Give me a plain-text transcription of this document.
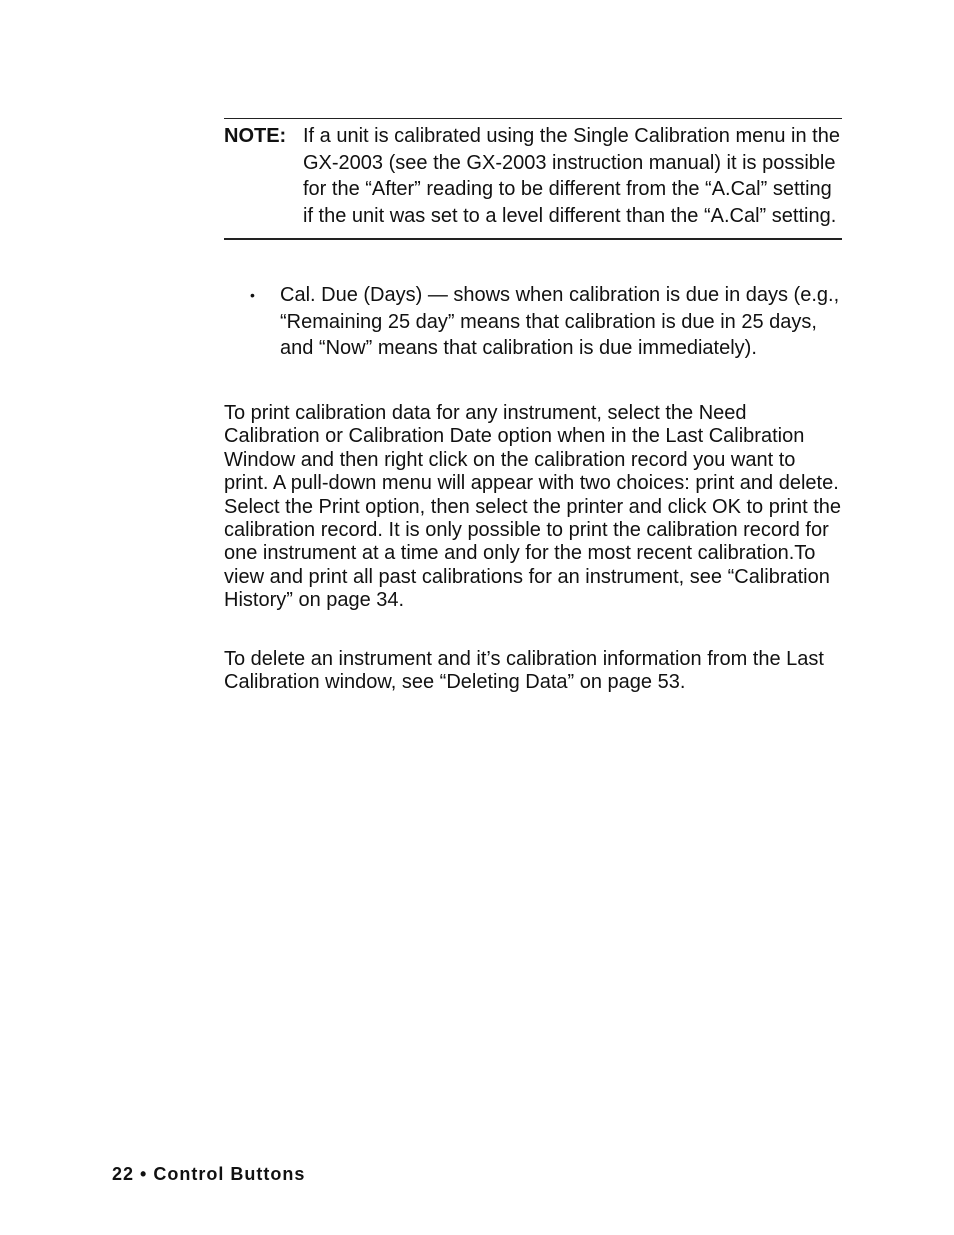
NOTE: If a unit is calibrated using the Single Calibration menu in the GX-2003 (see the GX-2003 instruction manual) it is possible for the “After” reading to be different from the “A.Cal” setting if the unit was set to a level different than the “A.Cal” setting.
•	Cal. Due (Days) — shows when calibration is due in days (e.g., “Remaining 25 day” means that calibration is due in 25 days, and “Now” means that calibration is due immediately).

To print calibration data for any instrument, select the Need Calibration or Calibration Date option when in the Last Calibration Window and then right click on the calibration record you want to print. A pull-down menu will appear with two choices: print and delete. Select the Print option, then select the printer and click OK to print the calibration record. It is only possible to print the calibration record for one instrument at a time and only for the most recent calibration.To view and print all past calibrations for an instrument, see “Calibration History” on page 34.

To delete an instrument and it’s calibration information from the Last Calibration window, see “Deleting Data” on page 53.

22 • Control Buttons
